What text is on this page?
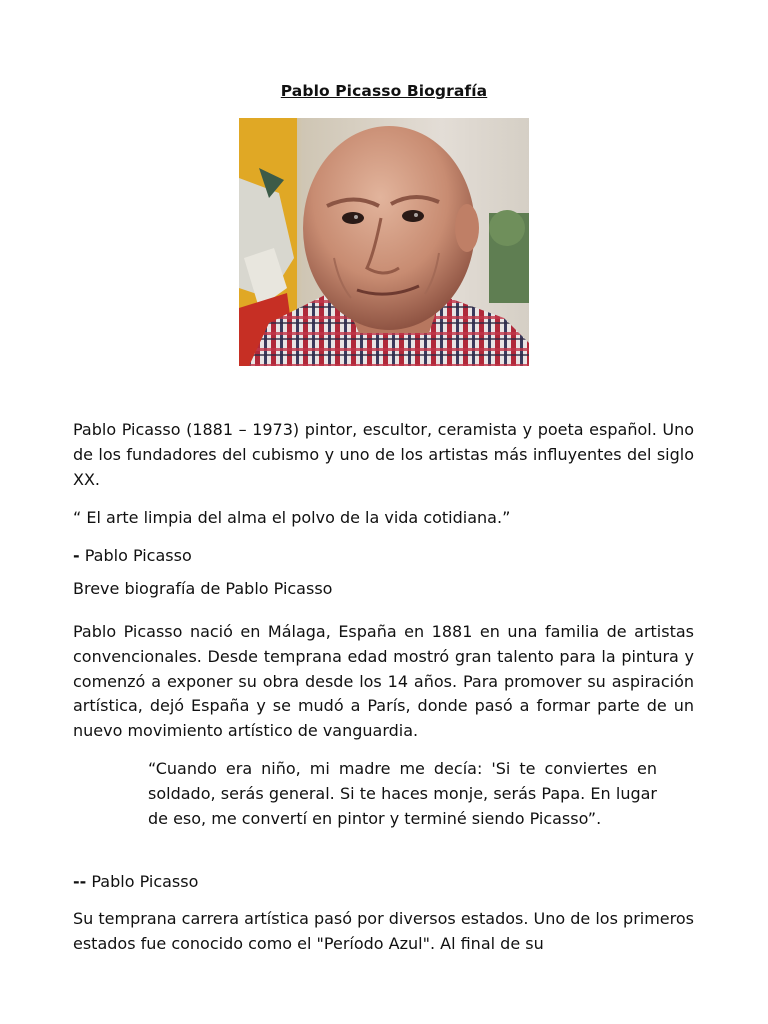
Pablo Picasso Biografía

Pablo Picasso (1881 – 1973) pintor, escultor, ceramista y poeta español. Uno de los fundadores del cubismo y uno de los artistas más influyentes del siglo XX.

“ El arte limpia del alma el polvo de la vida cotidiana.”

- Pablo Picasso

Breve biografía de Pablo Picasso

Pablo Picasso nació en Málaga, España en 1881 en una familia de artistas convencionales. Desde temprana edad mostró gran talento para la pintura y comenzó a exponer su obra desde los 14 años. Para promover su aspiración artística, dejó España y se mudó a París, donde pasó a formar parte de un nuevo movimiento artístico de vanguardia.

“Cuando era niño, mi madre me decía: 'Si te conviertes en soldado, serás general. Si te haces monje, serás Papa. En lugar de eso, me convertí en pintor y terminé siendo Picasso”.

-- Pablo Picasso

Su temprana carrera artística pasó por diversos estados. Uno de los primeros estados fue conocido como el "Período Azul". Al final de su
